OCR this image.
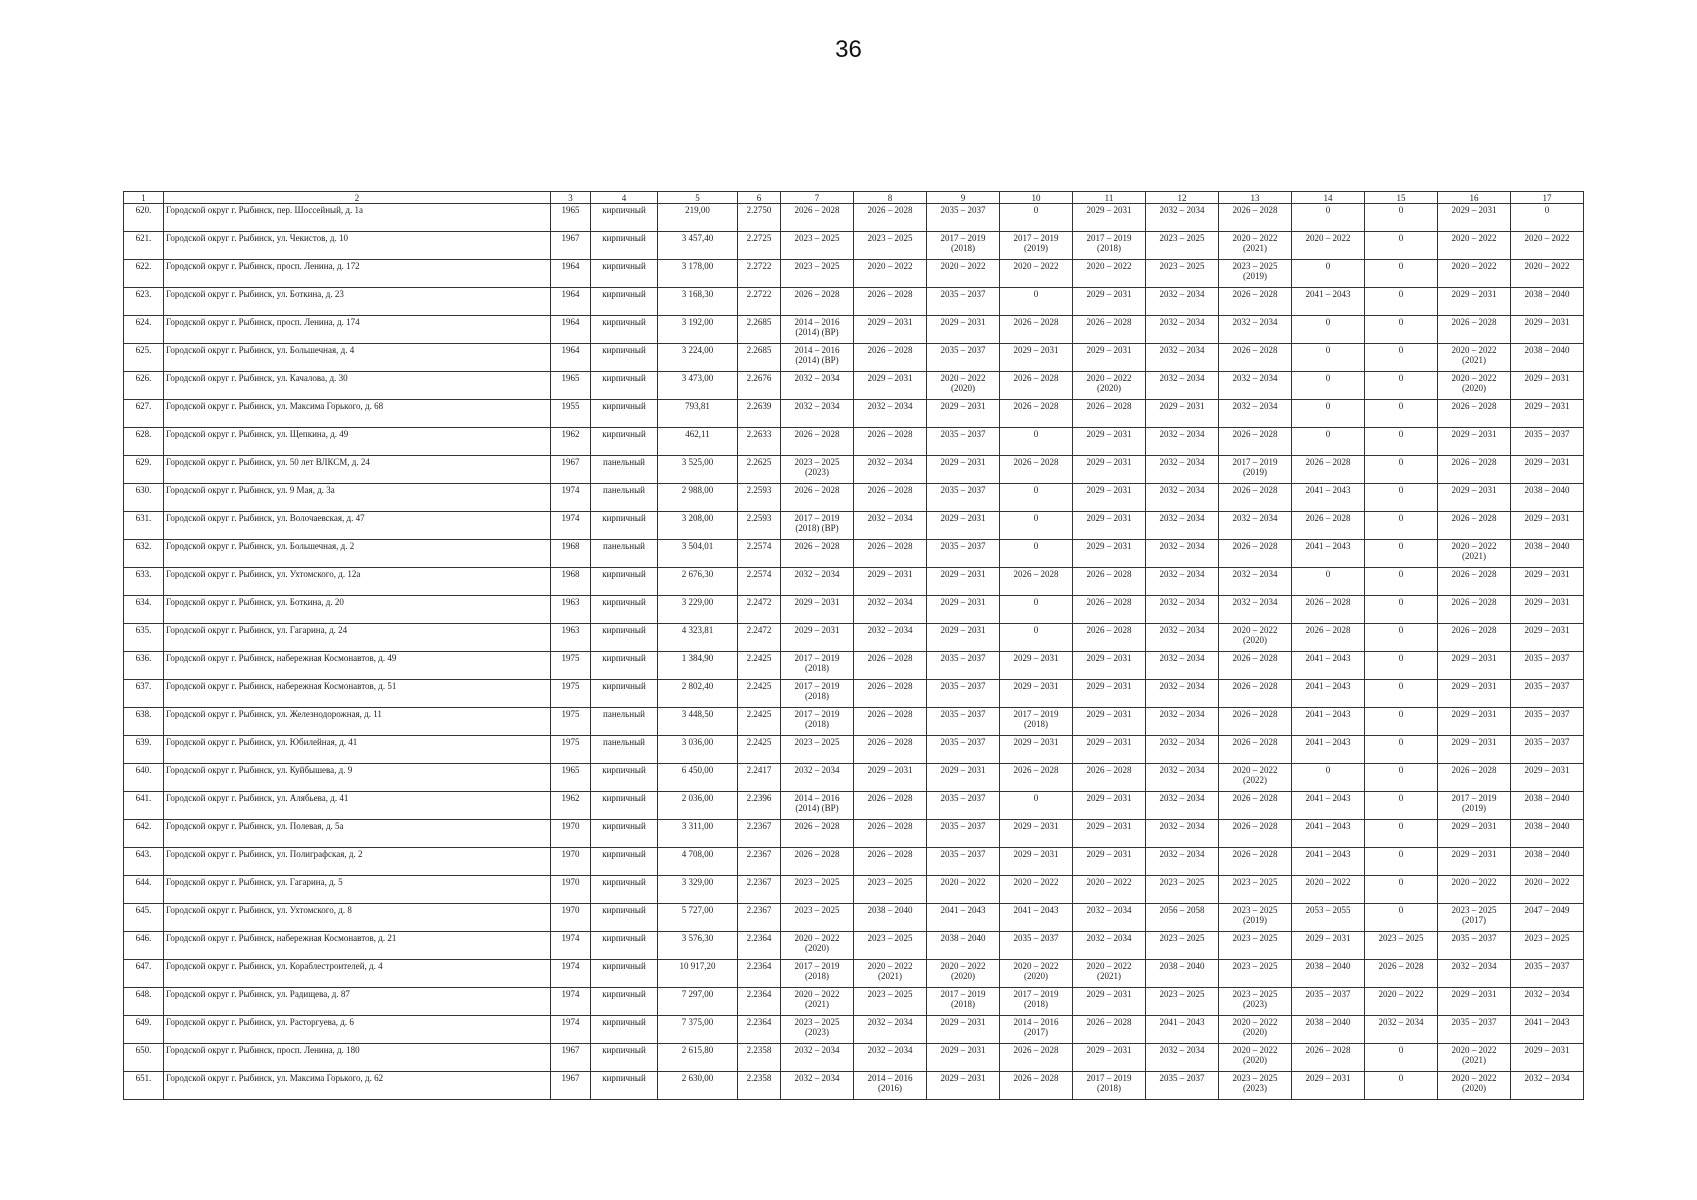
36
1	2	3	4	5	6	7	8	9	10	11	12	13	14	15	16	17

620.	Городской округ г. Рыбинск, пер. Шоссейный, д. 1а	1965	кирпичный	219,00	2.2750	2026 – 2028	2026 – 2028	2035 – 2037	0	2029 – 2031	2032 – 2034	2026 – 2028	0	0	2029 – 2031	0

621.	Городской округ г. Рыбинск, ул. Чекистов, д. 10	1967	кирпичный	3 457,40	2.2725	2023 – 2025	2023 – 2025	2017 – 2019
(2018)	2017 – 2019
(2019)	2017 – 2019
(2018)	2023 – 2025	2020 – 2022
(2021)	2020 – 2022	0	2020 – 2022	2020 – 2022

622.	Городской округ г. Рыбинск, просп. Ленина, д. 172	1964	кирпичный	3 178,00	2.2722	2023 – 2025	2020 – 2022	2020 – 2022	2020 – 2022	2020 – 2022	2023 – 2025	2023 – 2025
(2019)	0	0	2020 – 2022	2020 – 2022

623.	Городской округ г. Рыбинск, ул. Боткина, д. 23	1964	кирпичный	3 168,30	2.2722	2026 – 2028	2026 – 2028	2035 – 2037	0	2029 – 2031	2032 – 2034	2026 – 2028	2041 – 2043	0	2029 – 2031	2038 – 2040

624.	Городской округ г. Рыбинск, просп. Ленина, д. 174	1964	кирпичный	3 192,00	2.2685	2014 – 2016
(2014) (ВР)	2029 – 2031	2029 – 2031	2026 – 2028	2026 – 2028	2032 – 2034	2032 – 2034	0	0	2026 – 2028	2029 – 2031

625.	Городской округ г. Рыбинск, ул. Большечная, д. 4	1964	кирпичный	3 224,00	2.2685	2014 – 2016
(2014) (ВР)	2026 – 2028	2035 – 2037	2029 – 2031	2029 – 2031	2032 – 2034	2026 – 2028	0	0	2020 – 2022
(2021)	2038 – 2040

626.	Городской округ г. Рыбинск, ул. Качалова, д. 30	1965	кирпичный	3 473,00	2.2676	2032 – 2034	2029 – 2031	2020 – 2022
(2020)	2026 – 2028	2020 – 2022
(2020)	2032 – 2034	2032 – 2034	0	0	2020 – 2022
(2020)	2029 – 2031

627.	Городской округ г. Рыбинск, ул. Максима Горького, д. 68	1955	кирпичный	793,81	2.2639	2032 – 2034	2032 – 2034	2029 – 2031	2026 – 2028	2026 – 2028	2029 – 2031	2032 – 2034	0	0	2026 – 2028	2029 – 2031

628.	Городской округ г. Рыбинск, ул. Щепкина, д. 49	1962	кирпичный	462,11	2.2633	2026 – 2028	2026 – 2028	2035 – 2037	0	2029 – 2031	2032 – 2034	2026 – 2028	0	0	2029 – 2031	2035 – 2037

629.	Городской округ г. Рыбинск, ул. 50 лет ВЛКСМ, д. 24	1967	панельный	3 525,00	2.2625	2023 – 2025
(2023)	2032 – 2034	2029 – 2031	2026 – 2028	2029 – 2031	2032 – 2034	2017 – 2019
(2019)	2026 – 2028	0	2026 – 2028	2029 – 2031

630.	Городской округ г. Рыбинск, ул. 9 Мая, д. 3а	1974	панельный	2 988,00	2.2593	2026 – 2028	2026 – 2028	2035 – 2037	0	2029 – 2031	2032 – 2034	2026 – 2028	2041 – 2043	0	2029 – 2031	2038 – 2040

631.	Городской округ г. Рыбинск, ул. Волочаевская, д. 47	1974	кирпичный	3 208,00	2.2593	2017 – 2019
(2018) (ВР)	2032 – 2034	2029 – 2031	0	2029 – 2031	2032 – 2034	2032 – 2034	2026 – 2028	0	2026 – 2028	2029 – 2031

632.	Городской округ г. Рыбинск, ул. Большечная, д. 2	1968	панельный	3 504,01	2.2574	2026 – 2028	2026 – 2028	2035 – 2037	0	2029 – 2031	2032 – 2034	2026 – 2028	2041 – 2043	0	2020 – 2022
(2021)	2038 – 2040

633.	Городской округ г. Рыбинск, ул. Ухтомского, д. 12а	1968	кирпичный	2 676,30	2.2574	2032 – 2034	2029 – 2031	2029 – 2031	2026 – 2028	2026 – 2028	2032 – 2034	2032 – 2034	0	0	2026 – 2028	2029 – 2031

634.	Городской округ г. Рыбинск, ул. Боткина, д. 20	1963	кирпичный	3 229,00	2.2472	2029 – 2031	2032 – 2034	2029 – 2031	0	2026 – 2028	2032 – 2034	2032 – 2034	2026 – 2028	0	2026 – 2028	2029 – 2031

635.	Городской округ г. Рыбинск, ул. Гагарина, д. 24	1963	кирпичный	4 323,81	2.2472	2029 – 2031	2032 – 2034	2029 – 2031	0	2026 – 2028	2032 – 2034	2020 – 2022
(2020)	2026 – 2028	0	2026 – 2028	2029 – 2031

636.	Городской округ г. Рыбинск, набережная Космонавтов, д. 49	1975	кирпичный	1 384,90	2.2425	2017 – 2019
(2018)	2026 – 2028	2035 – 2037	2029 – 2031	2029 – 2031	2032 – 2034	2026 – 2028	2041 – 2043	0	2029 – 2031	2035 – 2037

637.	Городской округ г. Рыбинск, набережная Космонавтов, д. 51	1975	кирпичный	2 802,40	2.2425	2017 – 2019
(2018)	2026 – 2028	2035 – 2037	2029 – 2031	2029 – 2031	2032 – 2034	2026 – 2028	2041 – 2043	0	2029 – 2031	2035 – 2037

638.	Городской округ г. Рыбинск, ул. Железнодорожная, д. 11	1975	панельный	3 448,50	2.2425	2017 – 2019
(2018)	2026 – 2028	2035 – 2037	2017 – 2019
(2018)	2029 – 2031	2032 – 2034	2026 – 2028	2041 – 2043	0	2029 – 2031	2035 – 2037

639.	Городской округ г. Рыбинск, ул. Юбилейная, д. 41	1975	панельный	3 036,00	2.2425	2023 – 2025	2026 – 2028	2035 – 2037	2029 – 2031	2029 – 2031	2032 – 2034	2026 – 2028	2041 – 2043	0	2029 – 2031	2035 – 2037

640.	Городской округ г. Рыбинск, ул. Куйбышева, д. 9	1965	кирпичный	6 450,00	2.2417	2032 – 2034	2029 – 2031	2029 – 2031	2026 – 2028	2026 – 2028	2032 – 2034	2020 – 2022
(2022)	0	0	2026 – 2028	2029 – 2031

641.	Городской округ г. Рыбинск, ул. Алябьева, д. 41	1962	кирпичный	2 036,00	2.2396	2014 – 2016
(2014) (ВР)	2026 – 2028	2035 – 2037	0	2029 – 2031	2032 – 2034	2026 – 2028	2041 – 2043	0	2017 – 2019
(2019)	2038 – 2040

642.	Городской округ г. Рыбинск, ул. Полевая, д. 5а	1970	кирпичный	3 311,00	2.2367	2026 – 2028	2026 – 2028	2035 – 2037	2029 – 2031	2029 – 2031	2032 – 2034	2026 – 2028	2041 – 2043	0	2029 – 2031	2038 – 2040

643.	Городской округ г. Рыбинск, ул. Полиграфская, д. 2	1970	кирпичный	4 708,00	2.2367	2026 – 2028	2026 – 2028	2035 – 2037	2029 – 2031	2029 – 2031	2032 – 2034	2026 – 2028	2041 – 2043	0	2029 – 2031	2038 – 2040

644.	Городской округ г. Рыбинск, ул. Гагарина, д. 5	1970	кирпичный	3 329,00	2.2367	2023 – 2025	2023 – 2025	2020 – 2022	2020 – 2022	2020 – 2022	2023 – 2025	2023 – 2025	2020 – 2022	0	2020 – 2022	2020 – 2022

645.	Городской округ г. Рыбинск, ул. Ухтомского, д. 8	1970	кирпичный	5 727,00	2.2367	2023 – 2025	2038 – 2040	2041 – 2043	2041 – 2043	2032 – 2034	2056 – 2058	2023 – 2025
(2019)	2053 – 2055	0	2023 – 2025
(2017)	2047 – 2049

646.	Городской округ г. Рыбинск, набережная Космонавтов, д. 21	1974	кирпичный	3 576,30	2.2364	2020 – 2022
(2020)	2023 – 2025	2038 – 2040	2035 – 2037	2032 – 2034	2023 – 2025	2023 – 2025	2029 – 2031	2023 – 2025	2035 – 2037	2023 – 2025

647.	Городской округ г. Рыбинск, ул. Кораблестроителей, д. 4	1974	кирпичный	10 917,20	2.2364	2017 – 2019
(2018)	2020 – 2022
(2021)	2020 – 2022
(2020)	2020 – 2022
(2020)	2020 – 2022
(2021)	2038 – 2040	2023 – 2025	2038 – 2040	2026 – 2028	2032 – 2034	2035 – 2037

648.	Городской округ г. Рыбинск, ул. Радищева, д. 87	1974	кирпичный	7 297,00	2.2364	2020 – 2022
(2021)	2023 – 2025	2017 – 2019
(2018)	2017 – 2019
(2018)	2029 – 2031	2023 – 2025	2023 – 2025
(2023)	2035 – 2037	2020 – 2022	2029 – 2031	2032 – 2034

649.	Городской округ г. Рыбинск, ул. Расторгуева, д. 6	1974	кирпичный	7 375,00	2.2364	2023 – 2025
(2023)	2032 – 2034	2029 – 2031	2014 – 2016
(2017)	2026 – 2028	2041 – 2043	2020 – 2022
(2020)	2038 – 2040	2032 – 2034	2035 – 2037	2041 – 2043

650.	Городской округ г. Рыбинск, просп. Ленина, д. 180	1967	кирпичный	2 615,80	2.2358	2032 – 2034	2032 – 2034	2029 – 2031	2026 – 2028	2029 – 2031	2032 – 2034	2020 – 2022
(2020)	2026 – 2028	0	2020 – 2022
(2021)	2029 – 2031

651.	Городской округ г. Рыбинск, ул. Максима Горького, д. 62	1967	кирпичный	2 630,00	2.2358	2032 – 2034	2014 – 2016
(2016)	2029 – 2031	2026 – 2028	2017 – 2019
(2018)	2035 – 2037	2023 – 2025
(2023)	2029 – 2031	0	2020 – 2022
(2020)	2032 – 2034
